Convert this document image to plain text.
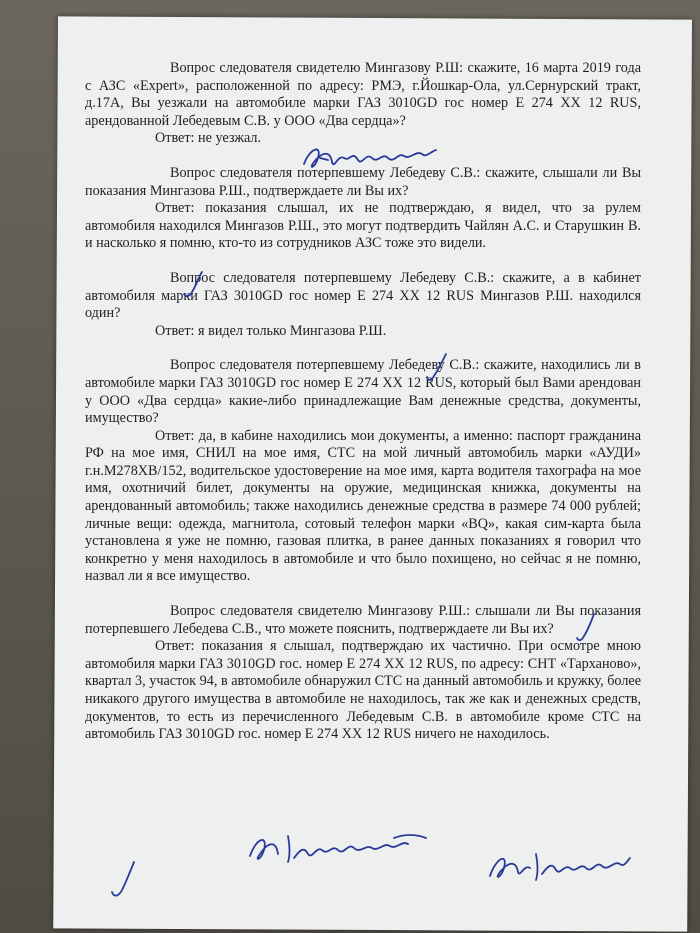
Вопрос следователя свидетелю Мингазову Р.Ш: скажите, 16 марта 2019 года с АЗС «Expert», расположенной по адресу: РМЭ, г.Йошкар-Ола, ул.Сернурский тракт, д.17А, Вы уезжали на автомобиле марки ГАЗ 3010GD гос номер Е 274 ХХ 12 RUS, арендованной Лебедевым С.В. у ООО «Два сердца»?

Ответ: не уезжал.

Вопрос следователя потерпевшему Лебедеву С.В.: скажите, слышали ли Вы показания Мингазова Р.Ш., подтверждаете ли Вы их?

Ответ: показания слышал, их не подтверждаю, я видел, что за рулем автомобиля находился Мингазов Р.Ш., это могут подтвердить Чайлян А.С. и Старушкин В. и насколько я помню, кто-то из сотрудников АЗС тоже это видели.

Вопрос следователя потерпевшему Лебедеву С.В.: скажите, а в кабинет автомобиля марки ГАЗ 3010GD гос номер Е 274 ХХ 12 RUS Мингазов Р.Ш. находился один?

Ответ: я видел только Мингазова Р.Ш.

Вопрос следователя потерпевшему Лебедеву С.В.: скажите, находились ли в автомобиле марки ГАЗ 3010GD гос номер Е 274 ХХ 12 RUS, который был Вами арендован у ООО «Два сердца» какие-либо принадлежащие Вам денежные средства, документы, имущество?

Ответ: да, в кабине находились мои документы, а именно: паспорт гражданина РФ на мое имя, СНИЛ на мое имя, СТС на мой личный автомобиль марки «АУДИ» г.н.М278ХВ/152, водительское удостоверение на мое имя, карта водителя тахографа на мое имя, охотничий билет, документы на оружие, медицинская книжка, документы на арендованный автомобиль; также находились денежные средства в размере 74 000 рублей; личные вещи: одежда, магнитола, сотовый телефон марки «BQ», какая сим-карта была установлена я уже не помню, газовая плитка, в ранее данных показаниях я говорил что конкретно у меня находилось в автомобиле и что было похищено, но сейчас я не помню, назвал ли я все имущество.

Вопрос следователя свидетелю Мингазову Р.Ш.: слышали ли Вы показания потерпевшего Лебедева С.В., что можете пояснить, подтверждаете ли Вы их?

Ответ: показания я слышал, подтверждаю их частично. При осмотре мною автомобиля марки ГАЗ 3010GD гос. номер Е 274 ХХ 12 RUS, по адресу: СНТ «Тарханово», квартал 3, участок 94, в автомобиле обнаружил СТС на данный автомобиль и кружку, более никакого другого имущества в автомобиле не находилось, так же как и денежных средств, документов, то есть из перечисленного Лебедевым С.В. в автомобиле кроме СТС на автомобиль ГАЗ 3010GD гос. номер Е 274 ХХ 12 RUS ничего не находилось.
